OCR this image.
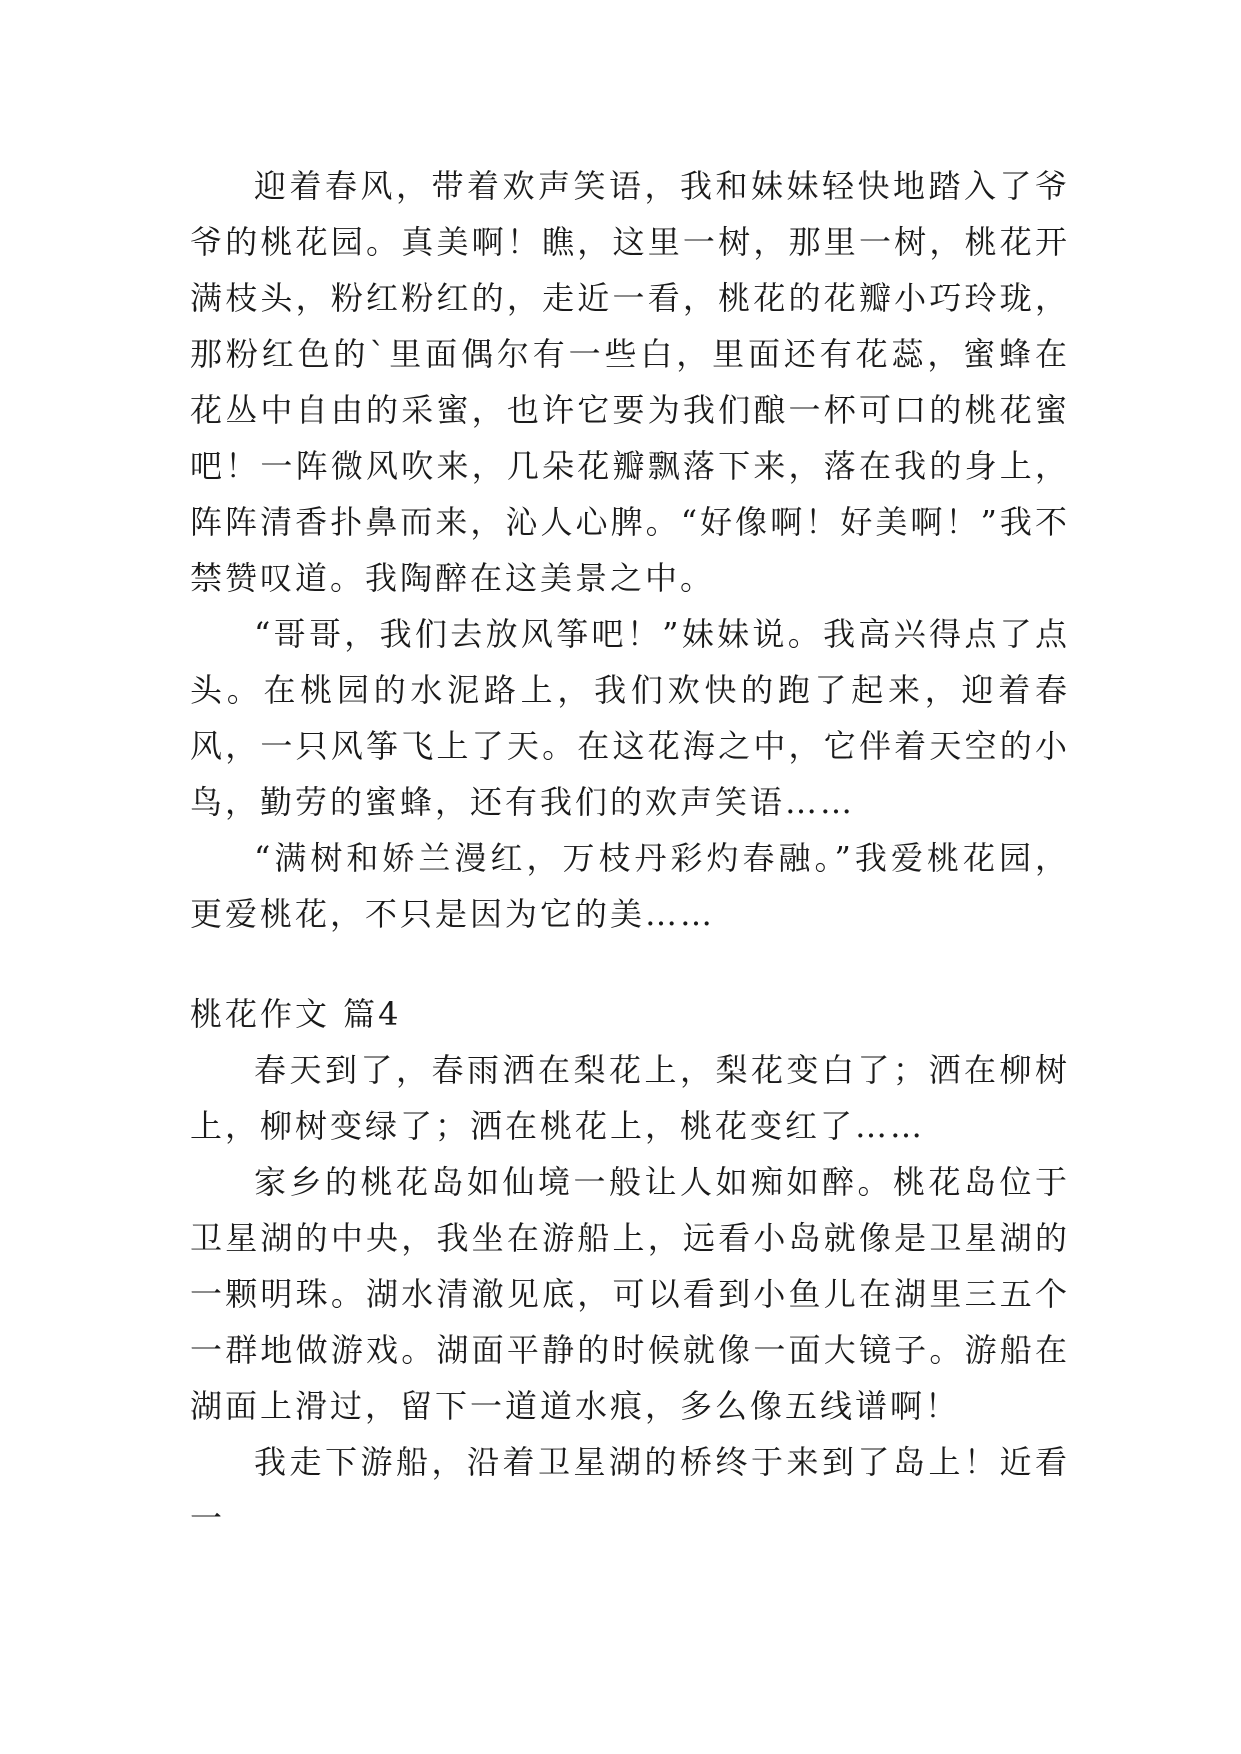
迎着春风，带着欢声笑语，我和妹妹轻快地踏入了爷爷的桃花园。真美啊！瞧，这里一树，那里一树，桃花开满枝头，粉红粉红的，走近一看，桃花的花瓣小巧玲珑，那粉红色的`里面偶尔有一些白，里面还有花蕊，蜜蜂在花丛中自由的采蜜，也许它要为我们酿一杯可口的桃花蜜吧！一阵微风吹来，几朵花瓣飘落下来，落在我的身上，阵阵清香扑鼻而来，沁人心脾。“好像啊！好美啊！”我不禁赞叹道。我陶醉在这美景之中。

“哥哥，我们去放风筝吧！”妹妹说。我高兴得点了点头。在桃园的水泥路上，我们欢快的跑了起来，迎着春风，一只风筝飞上了天。在这花海之中，它伴着天空的小鸟，勤劳的蜜蜂，还有我们的欢声笑语……

“满树和娇兰漫红，万枝丹彩灼春融。”我爱桃花园，更爱桃花，不只是因为它的美……

桃花作文 篇4

春天到了，春雨洒在梨花上，梨花变白了；洒在柳树上，柳树变绿了；洒在桃花上，桃花变红了……

家乡的桃花岛如仙境一般让人如痴如醉。桃花岛位于卫星湖的中央，我坐在游船上，远看小岛就像是卫星湖的一颗明珠。湖水清澈见底，可以看到小鱼儿在湖里三五个一群地做游戏。湖面平静的时候就像一面大镜子。游船在湖面上滑过，留下一道道水痕，多么像五线谱啊！

我走下游船，沿着卫星湖的桥终于来到了岛上！近看一
